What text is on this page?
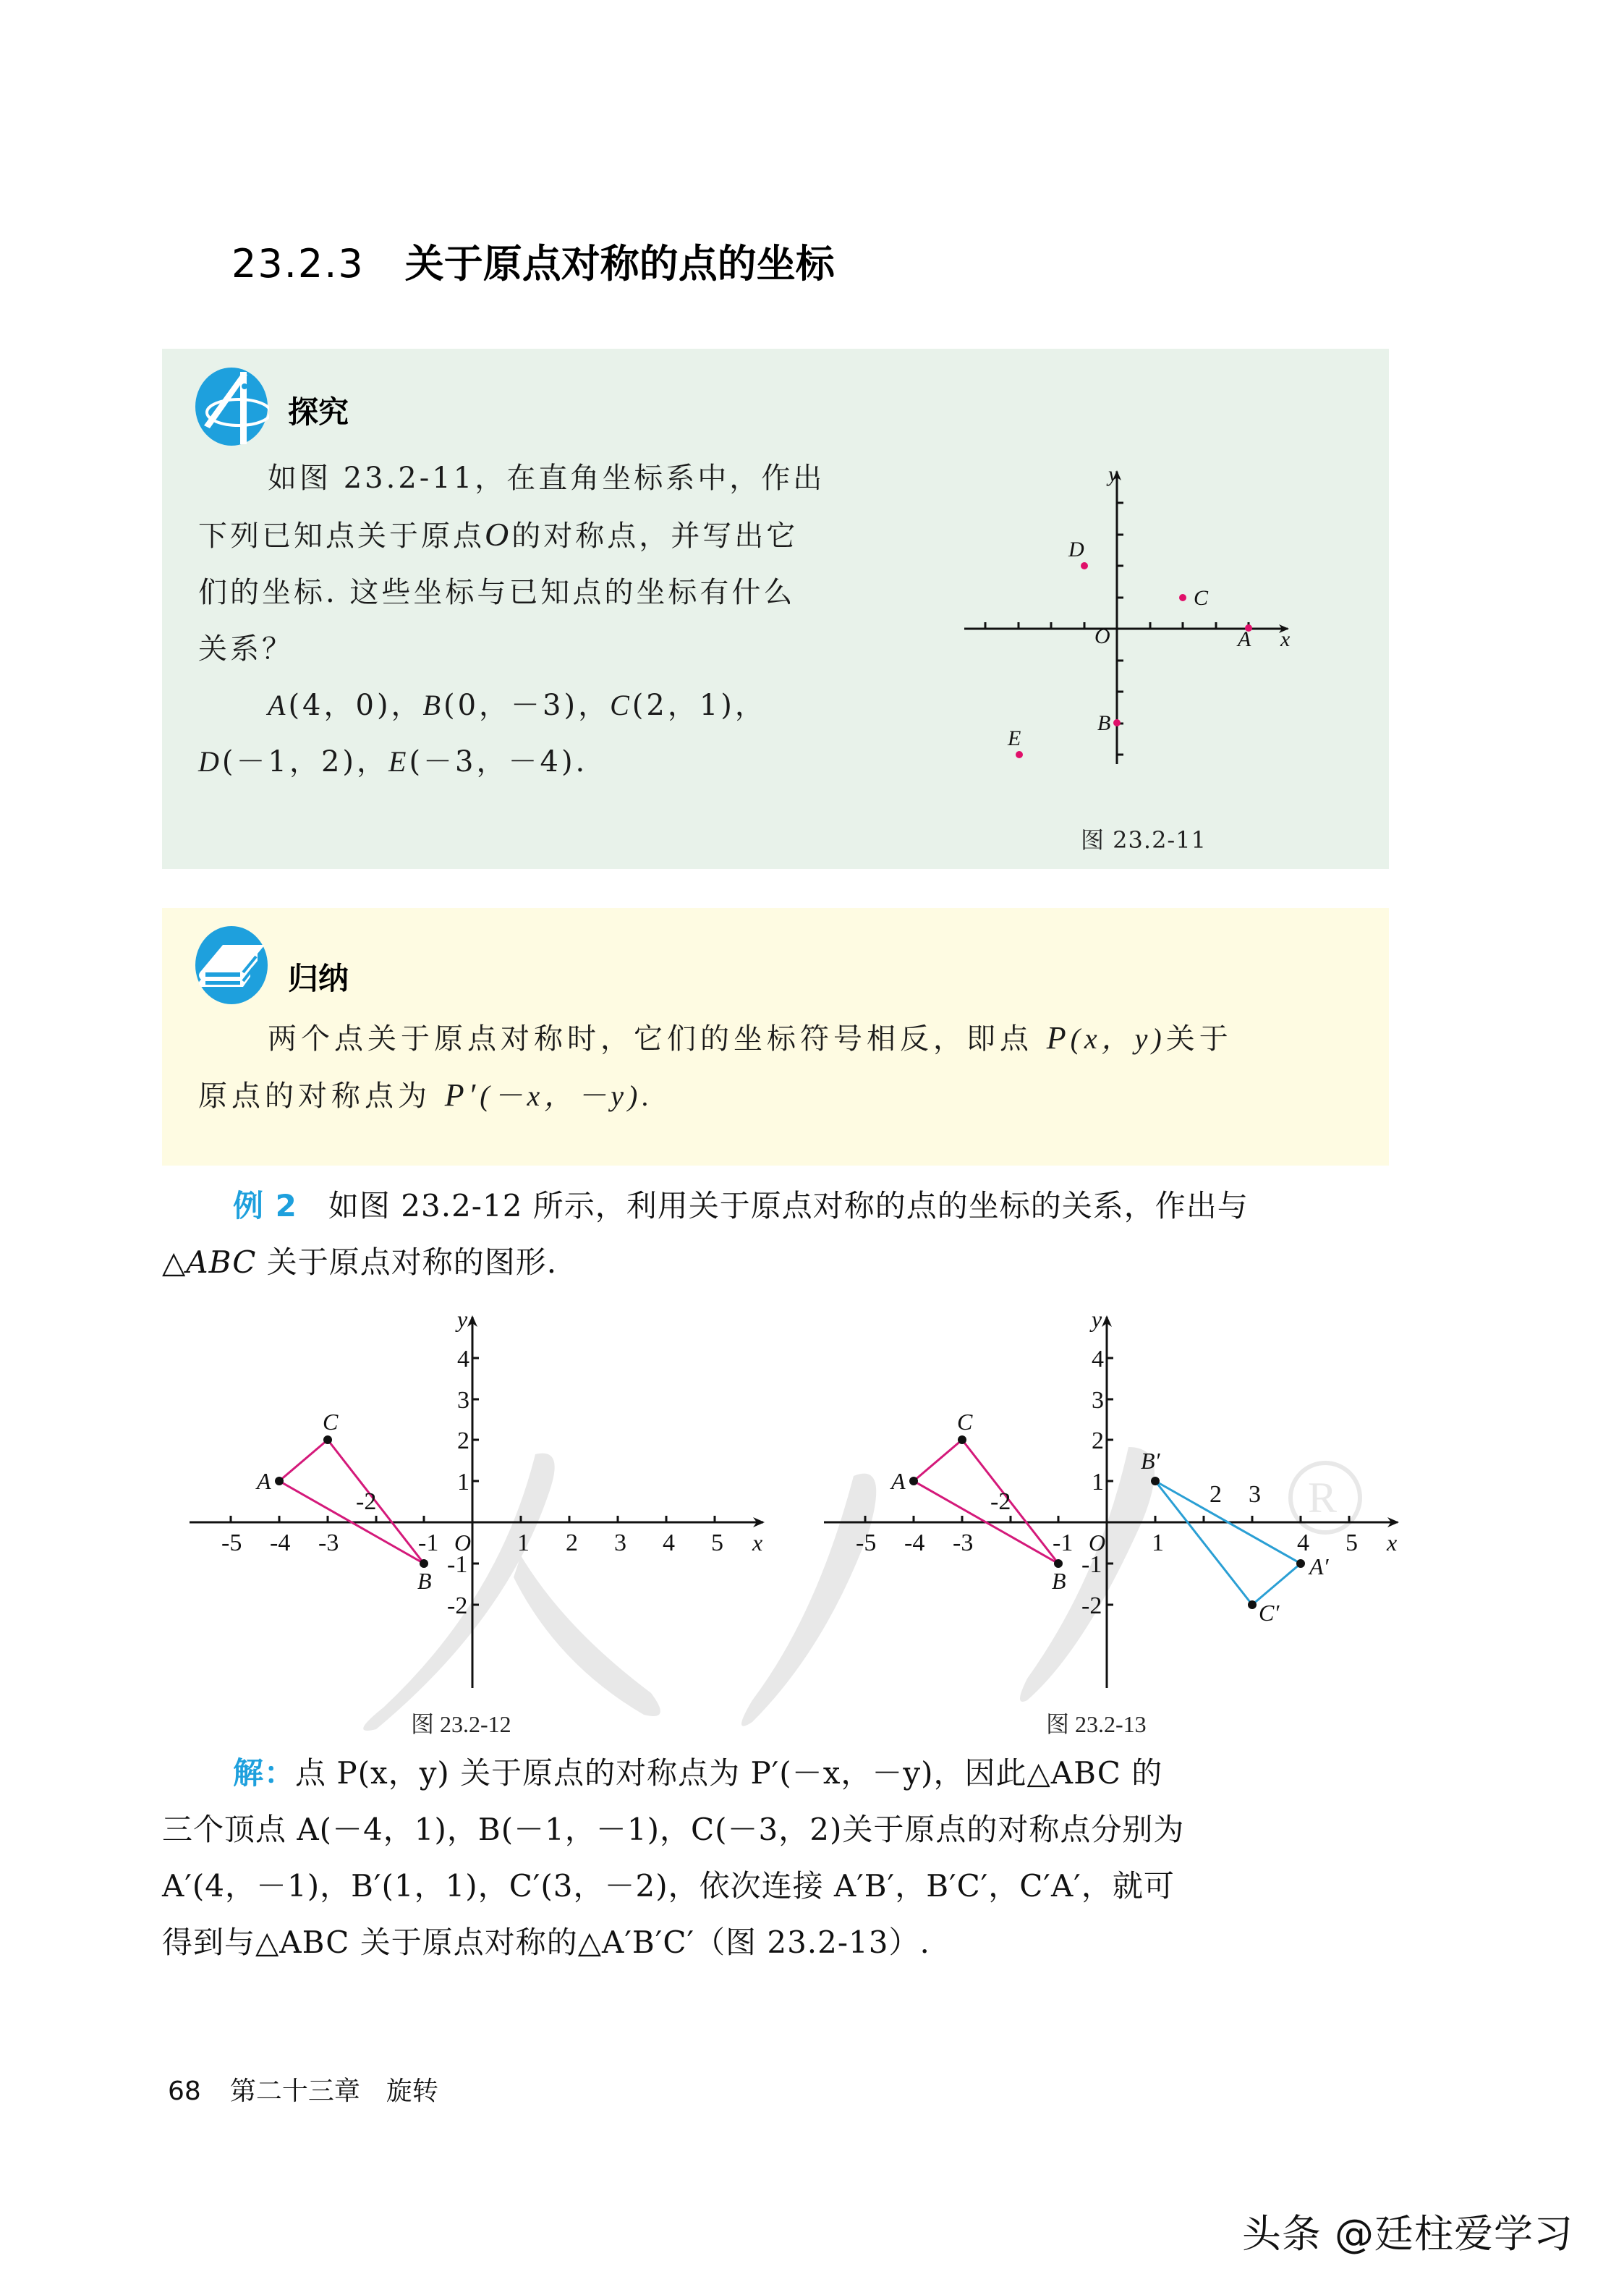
23.2.3 关于原点对称的点的坐标
探究
如图 23.2-11，在直角坐标系中，作出
下列已知点关于原点O的对称点，并写出它
们的坐标. 这些坐标与已知点的坐标有什么
关系？
A(4，0)，B(0，－3)，C(2，1)，
D(－1，2)，E(－3，－4).
y
x
O	A
B
C
D
E
图 23.2-11
归纳
两个点关于原点对称时，它们的坐标符号相反，即点 P(x，y)关于
原点的对称点为 P′(－x，－y).
例 2 如图 23.2-12 所示，利用关于原点对称的点的坐标的关系，作出与
△ABC 关于原点对称的图形.
R
-5 -4 -3
-2
-1	1 2 3 4 5
4
3
2
1
-1
-2
y
x
O
A
C
B
图 23.2-12
-5 -4 -3
-2
-1	1
2 3
4 5
4
3
2
1
-1
-2
y
x
O
A
C
B
B′
A′
C′
图 23.2-13
解：点 P(x，y) 关于原点的对称点为 P′(－x，－y)，因此△ABC 的
三个顶点 A(－4，1)，B(－1，－1)，C(－3，2)关于原点的对称点分别为
A′(4，－1)，B′(1，1)，C′(3，－2)，依次连接 A′B′，B′C′，C′A′，就可
得到与△ABC 关于原点对称的△A′B′C′（图 23.2-13）.
68 第二十三章　旋转
头条 @廷柱爱学习
